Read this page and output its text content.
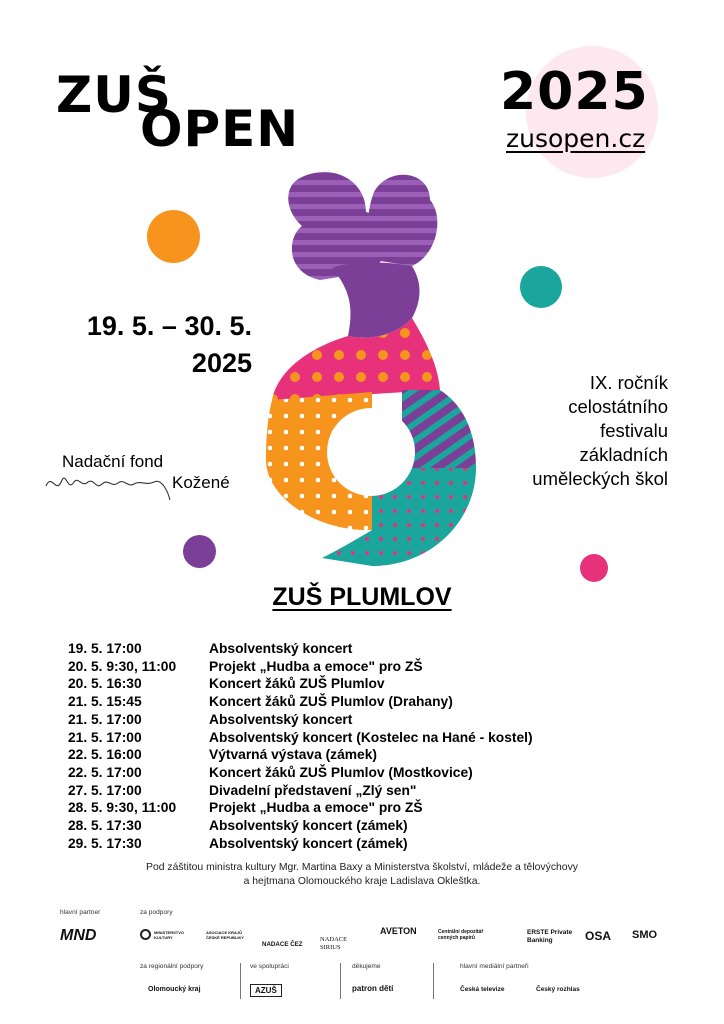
ZUŠ
OPEN
2025
zusopen.cz
19. 5. – 30. 5.
2025
IX. ročník
celostátního
festivalu
základních
uměleckých škol
Nadační fond
Kožené
ZUŠ PLUMLOV
19. 5. 17:00	Absolventský koncert
20. 5. 9:30, 11:00	Projekt „Hudba a emoce" pro ZŠ
20. 5. 16:30	Koncert žáků ZUŠ Plumlov
21. 5. 15:45	Koncert žáků ZUŠ Plumlov (Drahany)
21. 5. 17:00	Absolventský koncert
21. 5. 17:00	Absolventský koncert (Kostelec na Hané - kostel)
22. 5. 16:00	Výtvarná výstava (zámek)
22. 5. 17:00	Koncert žáků ZUŠ Plumlov (Mostkovice)
27. 5. 17:00	Divadelní představení „Zlý sen"
28. 5. 9:30, 11:00	Projekt „Hudba a emoce" pro ZŠ
28. 5. 17:30	Absolventský koncert (zámek)
29. 5. 17:30	Absolventský koncert (zámek)
Pod záštitou ministra kultury Mgr. Martina Baxy a Ministerstva školství, mládeže a tělovýchovy
a hejtmana Olomouckého kraje Ladislava Okleštka.
hlavní partner	za podpory
MND	MINISTERSTVO KULTURY
ASOCIACE KRAJŮ ČESKÉ REPUBLIKY
NADACE ČEZ
NADACE SIRIUS
AVETON	Centrální depozitář cenných papírů
ERSTE Private Banking	OSA SMO
za regionální podpory	ve spolupráci	děkujeme	hlavní mediální partneři
Olomoucký kraj	AZUŠ	patron dětí	Česká televize	Český rozhlas
